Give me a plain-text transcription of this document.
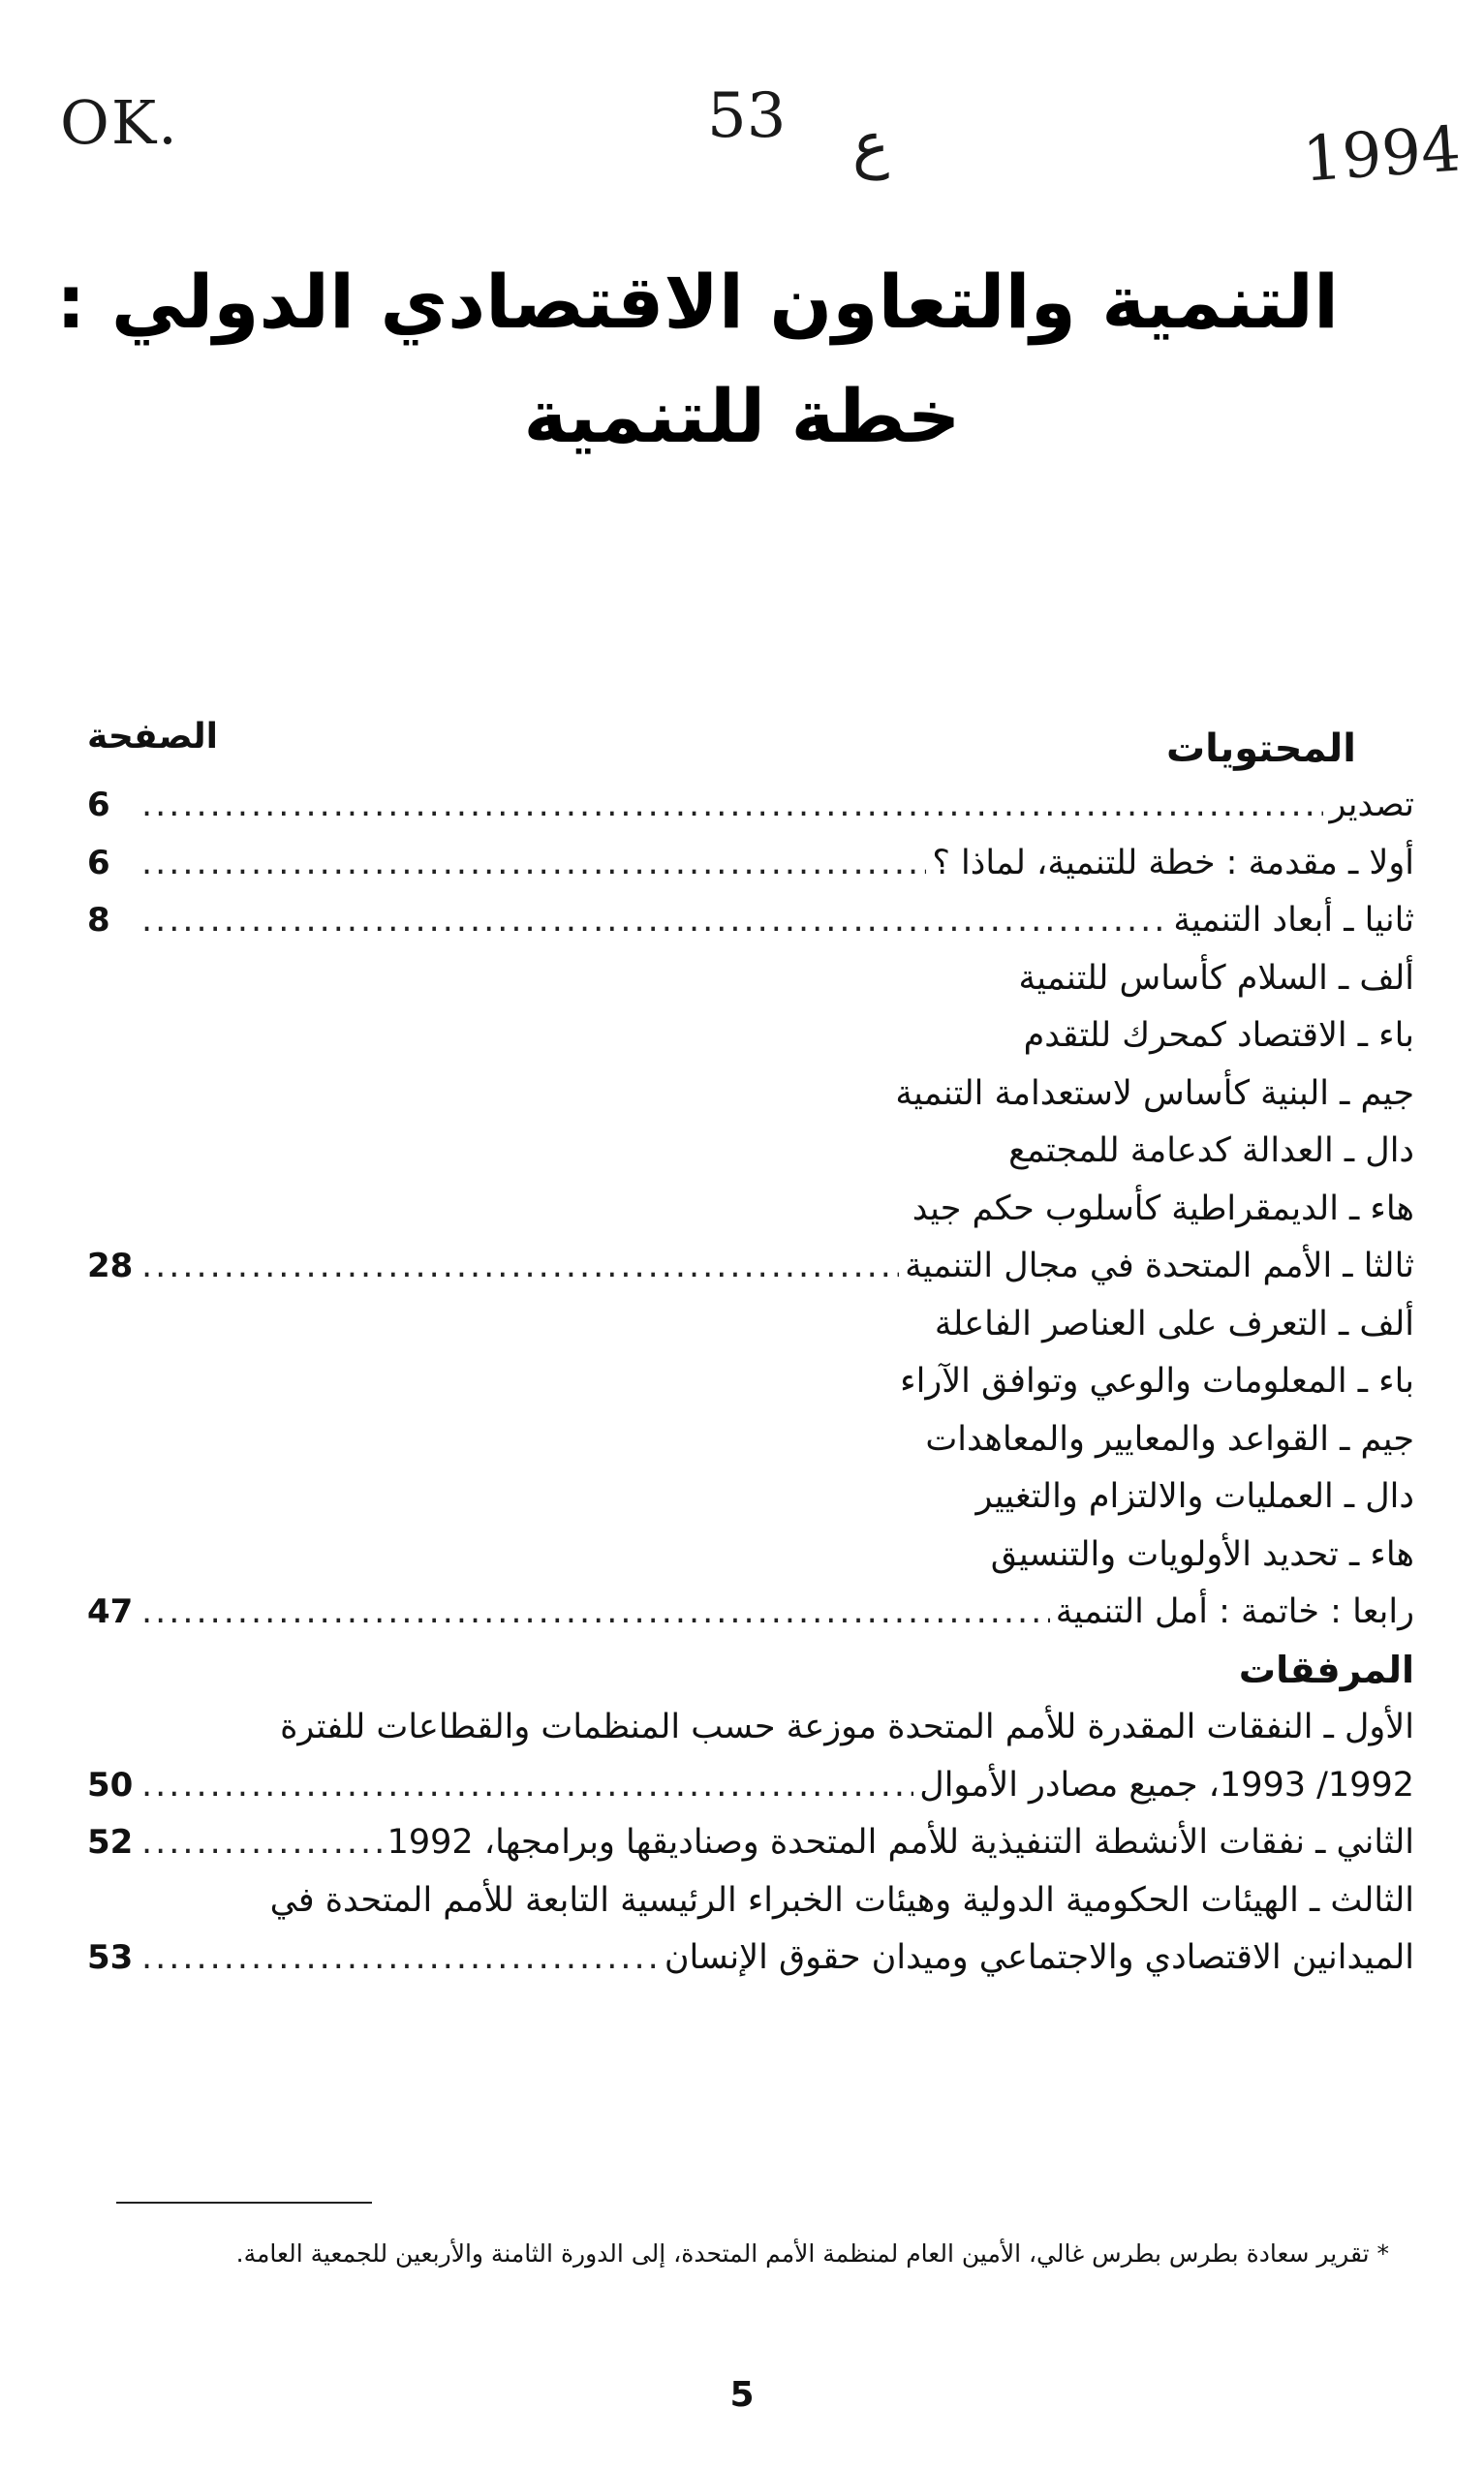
OK.	53 ع	1994
التنمية والتعاون الاقتصادي الدولي :
خطة للتنمية
المحتويات
الصفحة
تصدير
.....
6
أولا ـ مقدمة : خطة للتنمية، لماذا ؟
.....
6
ثانيا ـ أبعاد التنمية
.....
8
ألف ـ السلام كأساس للتنمية
باء ـ الاقتصاد كمحرك للتقدم
جيم ـ البنية كأساس لاستعدامة التنمية
دال ـ العدالة كدعامة للمجتمع
هاء ـ الديمقراطية كأسلوب حكم جيد
ثالثا ـ الأمم المتحدة في مجال التنمية
.....
28
ألف ـ التعرف على العناصر الفاعلة
باء ـ المعلومات والوعي وتوافق الآراء
جيم ـ القواعد والمعايير والمعاهدات
دال ـ العمليات والالتزام والتغيير
هاء ـ تحديد الأولويات والتنسيق
رابعا : خاتمة : أمل التنمية
.....
47
المرفقات
الأول ـ النفقات المقدرة للأمم المتحدة موزعة حسب المنظمات والقطاعات للفترة
1992/ 1993، جميع مصادر الأموال
.....
50
الثاني ـ نفقات الأنشطة التنفيذية للأمم المتحدة وصناديقها وبرامجها، 1992
.....
52
الثالث ـ الهيئات الحكومية الدولية وهيئات الخبراء الرئيسية التابعة للأمم المتحدة في
الميدانين الاقتصادي والاجتماعي وميدان حقوق الإنسان
.....
53
* تقرير سعادة بطرس بطرس غالي، الأمين العام لمنظمة الأمم المتحدة، إلى الدورة الثامنة والأربعين للجمعية العامة.
5
